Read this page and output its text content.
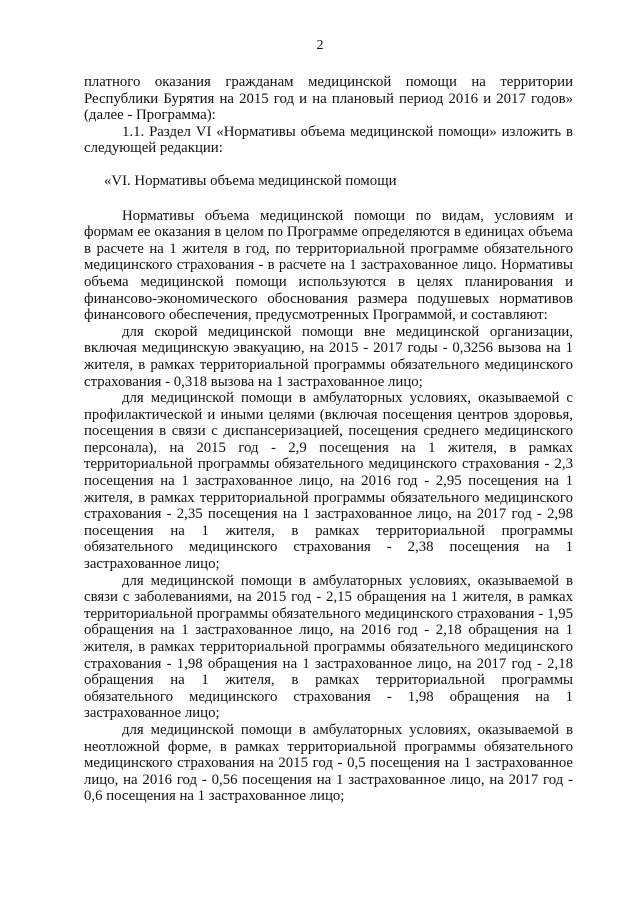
2

платного оказания гражданам медицинской помощи на территории Республики Бурятия на 2015 год и на плановый период 2016 и 2017 годов» (далее - Программа):

1.1. Раздел VI «Нормативы объема медицинской помощи» изложить в следующей редакции:

«VI. Нормативы объема медицинской помощи

Нормативы объема медицинской помощи по видам, условиям и формам ее оказания в целом по Программе определяются в единицах объема в расчете на 1 жителя в год, по территориальной программе обязательного медицинского страхования - в расчете на 1 застрахованное лицо. Нормативы объема медицинской помощи используются в целях планирования и финансово-экономического обоснования размера подушевых нормативов финансового обеспечения, предусмотренных Программой, и составляют:

для скорой медицинской помощи вне медицинской организации, включая медицинскую эвакуацию, на 2015 - 2017 годы - 0,3256 вызова на 1 жителя, в рамках территориальной программы обязательного медицинского страхования - 0,318 вызова на 1 застрахованное лицо;

для медицинской помощи в амбулаторных условиях, оказываемой с профилактической и иными целями (включая посещения центров здоровья, посещения в связи с диспансеризацией, посещения среднего медицинского персонала), на 2015 год - 2,9 посещения на 1 жителя, в рамках территориальной программы обязательного медицинского страхования - 2,3 посещения на 1 застрахованное лицо, на 2016 год - 2,95 посещения на 1 жителя, в рамках территориальной программы обязательного медицинского страхования - 2,35 посещения на 1 застрахованное лицо, на 2017 год - 2,98 посещения на 1 жителя, в рамках территориальной программы обязательного медицинского страхования - 2,38 посещения на 1 застрахованное лицо;

для медицинской помощи в амбулаторных условиях, оказываемой в связи с заболеваниями, на 2015 год - 2,15 обращения на 1 жителя, в рамках территориальной программы обязательного медицинского страхования - 1,95 обращения на 1 застрахованное лицо, на 2016 год - 2,18 обращения на 1 жителя, в рамках территориальной программы обязательного медицинского страхования - 1,98 обращения на 1 застрахованное лицо, на 2017 год - 2,18 обращения на 1 жителя, в рамках территориальной программы обязательного медицинского страхования - 1,98 обращения на 1 застрахованное лицо;

для медицинской помощи в амбулаторных условиях, оказываемой в неотложной форме, в рамках территориальной программы обязательного медицинского страхования на 2015 год - 0,5 посещения на 1 застрахованное лицо, на 2016 год - 0,56 посещения на 1 застрахованное лицо, на 2017 год - 0,6 посещения на 1 застрахованное лицо;
